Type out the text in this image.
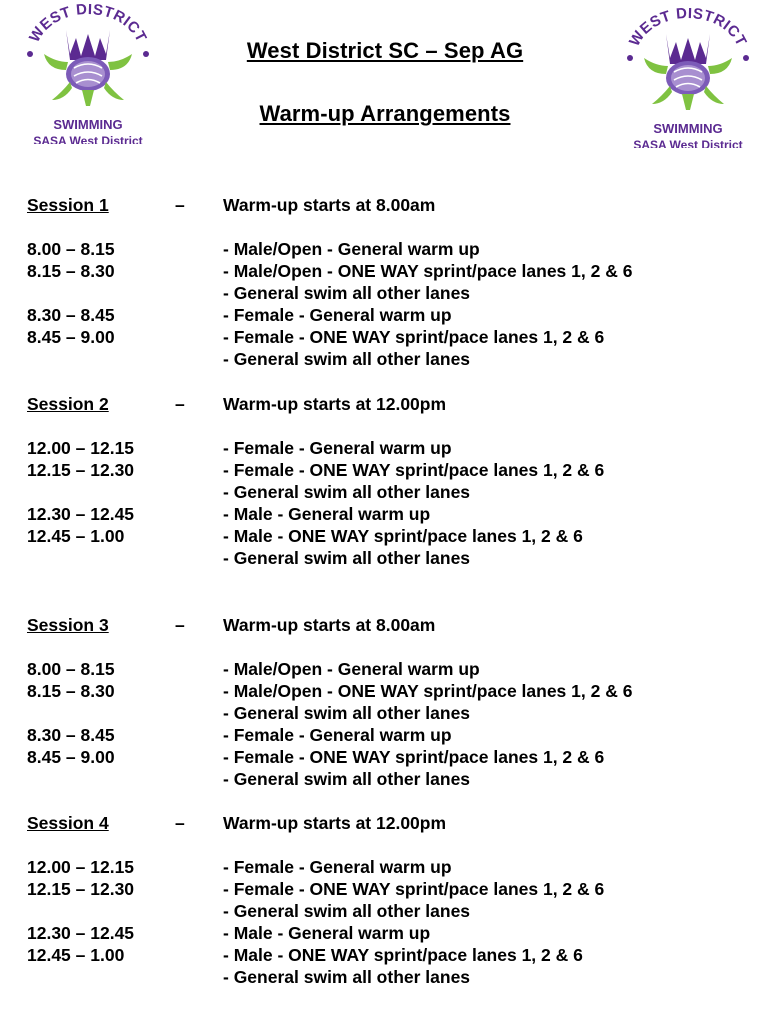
WEST DISTRICT
SWIMMING
SASA West District
WEST DISTRICT
SWIMMING
SASA West District
West District SC – Sep AG
Warm-up Arrangements
Session 1	– Warm-up starts at 8.00am
8.00 – 8.15	- Male/Open - General warm up
8.15 – 8.30	- Male/Open - ONE WAY sprint/pace lanes 1, 2 & 6
- General swim all other lanes
8.30 – 8.45	- Female - General warm up
8.45 – 9.00	- Female - ONE WAY sprint/pace lanes 1, 2 & 6
- General swim all other lanes
Session 2	– Warm-up starts at 12.00pm
12.00 – 12.15	- Female - General warm up
12.15 – 12.30	- Female - ONE WAY sprint/pace lanes 1, 2 & 6
- General swim all other lanes
12.30 – 12.45	- Male - General warm up
12.45 – 1.00	- Male - ONE WAY sprint/pace lanes 1, 2 & 6
- General swim all other lanes
Session 3	– Warm-up starts at 8.00am
8.00 – 8.15	- Male/Open - General warm up
8.15 – 8.30	- Male/Open - ONE WAY sprint/pace lanes 1, 2 & 6
- General swim all other lanes
8.30 – 8.45	- Female - General warm up
8.45 – 9.00	- Female - ONE WAY sprint/pace lanes 1, 2 & 6
- General swim all other lanes
Session 4	– Warm-up starts at 12.00pm
12.00 – 12.15	- Female - General warm up
12.15 – 12.30	- Female - ONE WAY sprint/pace lanes 1, 2 & 6
- General swim all other lanes
12.30 – 12.45	- Male - General warm up
12.45 – 1.00	- Male - ONE WAY sprint/pace lanes 1, 2 & 6
- General swim all other lanes
